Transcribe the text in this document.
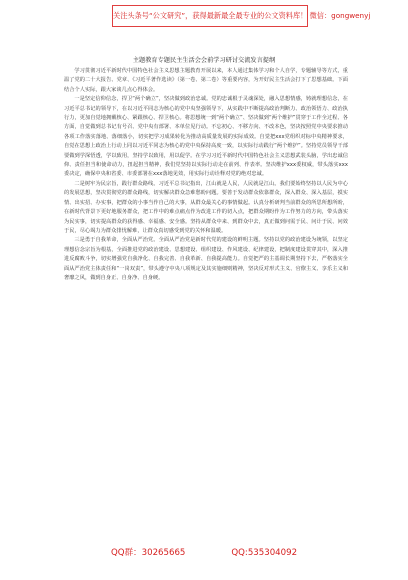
关注头条号“公文研究”，获得最新最全最专业的公文资料库！ 微信：gongwenyj
主题教育专题民主生活会会前学习研讨交流发言提纲

学习贯彻习近平新时代中国特色社会主义思想主题教育开展以来，本人通过集体学习和个人自学，专题辅导等方式，重温了党的二十大报告、党章、《习近平著作选读》（第一卷、第二卷）等重要内容，为开好民主生活会打下了思想基础。下面结合个人实际，跟大家谈几点心得体会。

一是坚定信仰信念，捍卫“两个确立”，坚决做到政治忠诚。党的忠诚根于灵魂深处，融入思想情感，铸就理想信念，在习近平总书记的领导下，在以习近平同志为核心的党中央坚强领导下，从实践中不断提高政治判断力、政治领悟力、政治执行力，更加自觉地拥戴核心、紧跟核心、捍卫核心。将思想统一到“两个确立”、坚决做到“两个维护”贯穿于工作全过程、各方面，自觉做到总书记有号召、党中央有部署、本单位见行动。不忘初心、不移方向、不改本色，坚决按照党中央要求推动各项工作落实落地、落细落小，切实把学习成果转化为推动高质量发展的实际成效。自觉把xxx党组织对标中央精神要求，自觉在思想上政治上行动上同以习近平同志为核心的党中央保持高度一致，以实际行动践行“两个维护”。坚持党员领导干部要做到学深悟透，学以致用，坚持学以致用，用以促学。在学习习近平新时代中国特色社会主义思想武装头脑，学出忠诚信仰、责任担当和使命动力，扭起担当精神，我们党坚持以实际行动走在前列、作表率。坚决维护xxx委权威，带头落实xxx委决定，确保中央和省委、市委部署在xxx落地见效，用实际行动诠释对党的绝对忠诚。

二是树牢为民宗旨，践行群众路线。习近平总书记指出，江山就是人民，人民就是江山。我们要始终坚持以人民为中心的发展思想，坚决贯彻党的群众路线，切实解决群众急难愁盼问题。要善于发动群众依靠群众，深入群众、深入基层，摸实情、出实招、办实事，把群众的小事当作自己的大事，从群众最关心的事情做起。认真分析研判当前群众的所思所想所盼，在新时代背景下更好地服务群众，把工作中的难点痛点作为改进工作的切入点，把群众期盼作为工作努力的方向，带头落实为民实事，切实提高群众的获得感、幸福感、安全感。坚持从群众中来、到群众中去，真正做到问需于民、问计于民、问效于民，尽心竭力为群众排忧解难，让群众真切感受到党的关怀和温暖。

三是勇于自我革命，全面从严治党。全面从严治党是新时代党的建设的鲜明主题。坚持以党的政治建设为统领，以坚定理想信念宗旨为根基，全面推进党的政治建设、思想建设、组织建设、作风建设、纪律建设，把制度建设贯穿其中，深入推进反腐败斗争，切实增强党自我净化、自我完善、自我革新、自我提高能力。自觉把严的主基调长期坚持下去，严格落实全面从严治党主体责任和“一岗双责”，带头遵守中央八项规定及其实施细则精神，坚决反对形式主义、官僚主义、享乐主义和奢靡之风，做到自身正、自身净、自身硬。

QQ群：30265665	QQ:535304092
